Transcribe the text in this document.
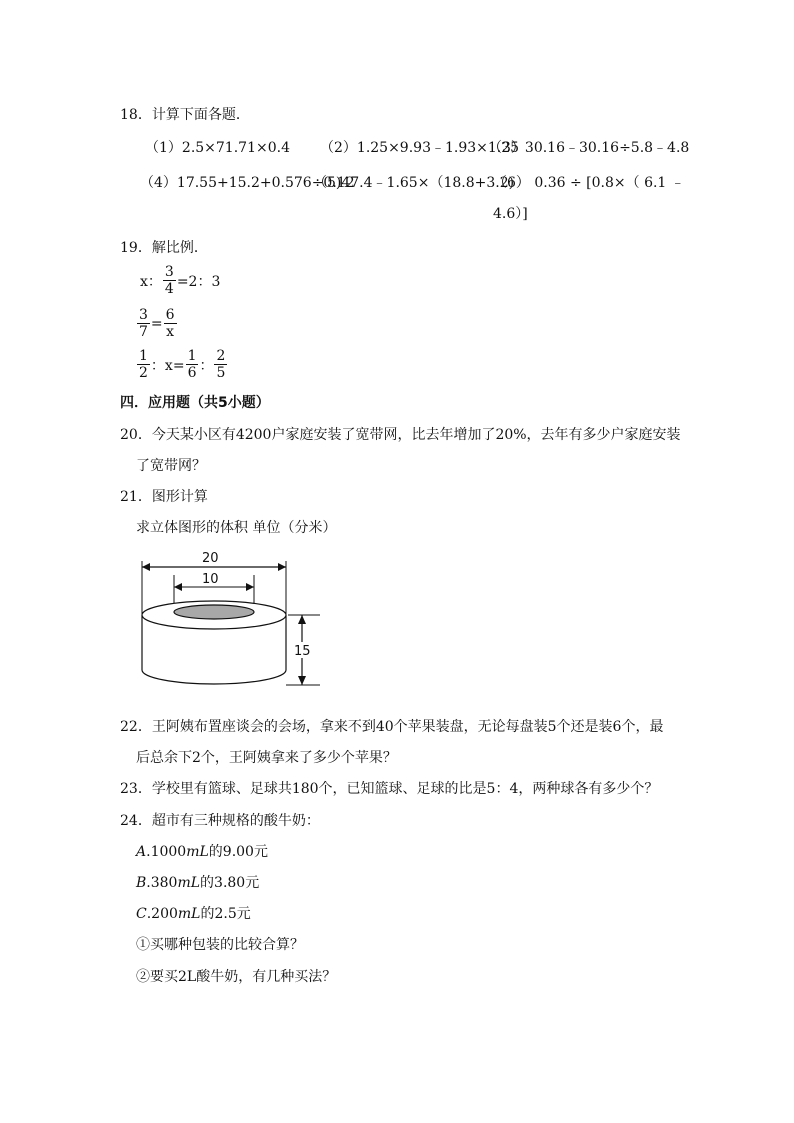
18．计算下面各题．
（1）2.5×71.71×0.4 （2）1.25×9.93﹣1.93×1.25
（3）30.16﹣30.16÷5.8﹣4.8
（4）17.55+15.2+0.576÷0.12
（5)47.4﹣1.65×（18.8+3.2)
（6） 0.36 ÷ [0.8×（ 6.1 ﹣
4.6）]
19．解比例．
x： $\frac{3}{4} =2$：3
$\frac{3}{7} = \frac{6}{x}$
$\frac{1}{2}$ ：$x= \frac{1}{6}$ ： $\frac{2}{5}$
四．应用题（共5小题）
20．今天某小区有4200户家庭安装了宽带网，比去年增加了20%，去年有多少户家庭安装
了宽带网？
21．图形计算
求立体图形的体积 单位（分米）
20
10
15
22．王阿姨布置座谈会的会场，拿来不到40个苹果装盘，无论每盘装5个还是装6个，最
后总余下2个，王阿姨拿来了多少个苹果？
23．学校里有篮球、足球共180个，已知篮球、足球的比是5：4，两种球各有多少个？
24．超市有三种规格的酸牛奶：
A.1000mL的9.00元
B.380mL的3.80元
C.200mL的2.5元
①买哪种包装的比较合算？
②要买2L酸牛奶，有几种买法？
